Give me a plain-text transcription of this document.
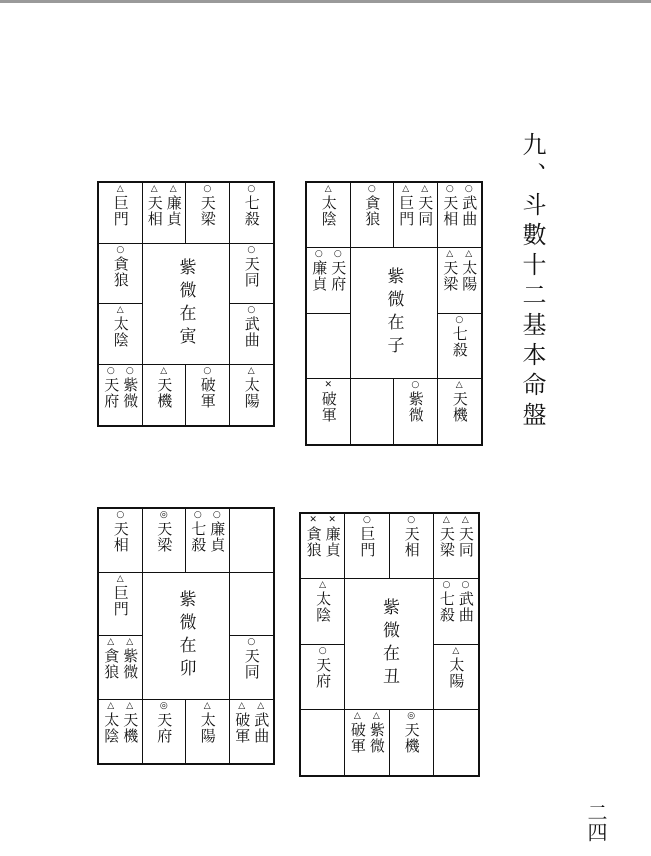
九、斗數十二基本命盤
二四
△
太陰
○
貪狼
△
巨門
△
天同
○
天相
○
武曲
○
廉貞
○
天府
△
天梁
△
太陽
○
七殺
✕
破軍
○
紫微
△
天機
紫微在子
△
巨門
△
天相
△
廉貞
○
天梁
○
七殺
○
貪狼
○
天同
△
太陰
○
武曲
○
天府
○
紫微
△
天機
○
破軍
△
太陽
紫微在寅
○
天相
◎
天梁
○
七殺
○
廉貞
△
巨門
△
貪狼
△
紫微
○
天同
△
太陰
△
天機
◎
天府
△
太陽
△
破軍
△
武曲
紫微在卯
✕
貪狼
✕
廉貞
○
巨門
○
天相
△
天梁
△
天同
△
太陰
○
七殺
○
武曲
○
天府
△
太陽
△
破軍
△
紫微
◎
天機
紫微在丑
